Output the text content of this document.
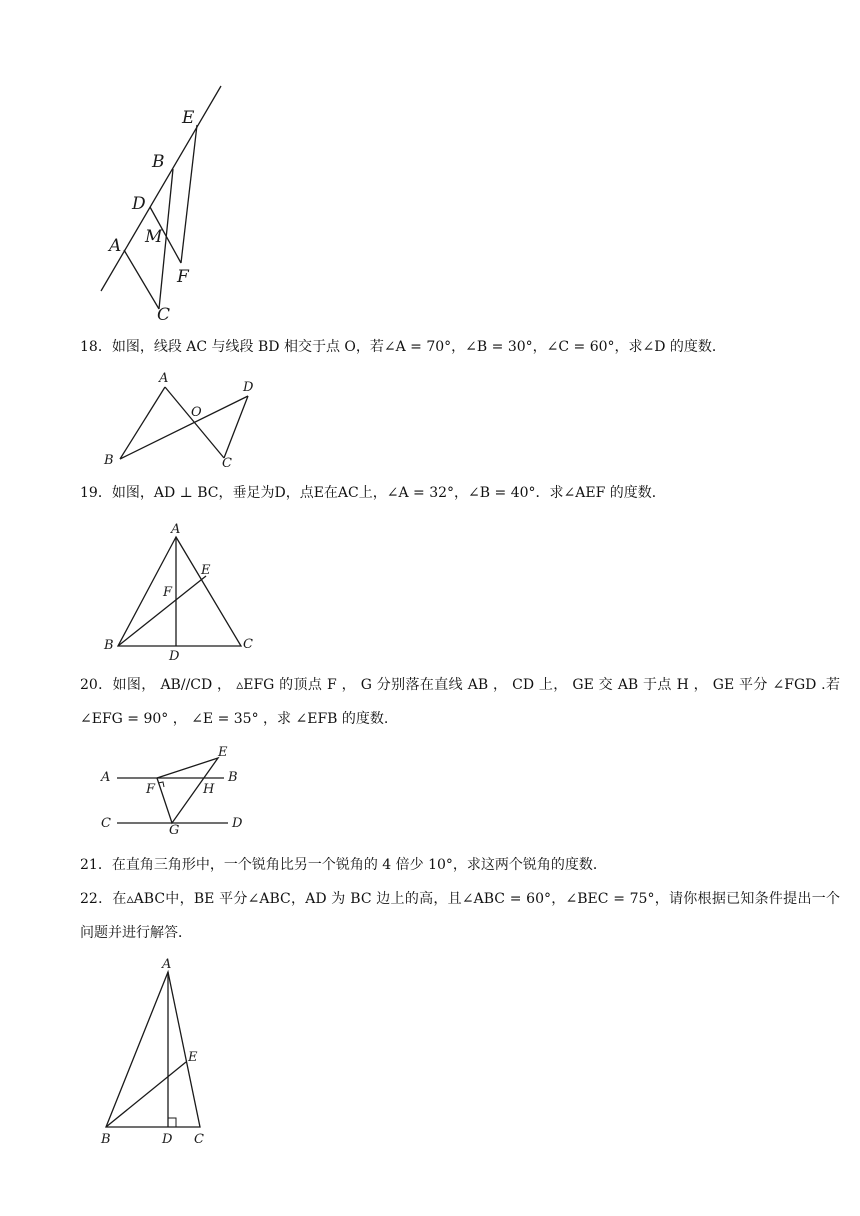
E
B
D
M
A
F
C
18．如图，线段 AC 与线段 BD 相交于点 O，若∠A = 70°，∠B = 30°，∠C = 60°，求∠D 的度数．
A
D
O
B	C
19．如图，AD ⊥ BC，垂足为D，点E在AC上，∠A = 32°，∠B = 40°．求∠AEF 的度数．
A
E
F
B
D
C
20．如图， AB//CD ， ▵EFG 的顶点 F ， G 分别落在直线 AB ， CD 上， GE 交 AB 于点 H ， GE 平分 ∠FGD .若 ∠EFG = 90° ， ∠E = 35° ，求 ∠EFB 的度数.
A	B
E
F	H
C	G	D
21．在直角三角形中，一个锐角比另一个锐角的 4 倍少 10°，求这两个锐角的度数．
22．在▵ABC中，BE 平分∠ABC，AD 为 BC 边上的高，且∠ABC = 60°，∠BEC = 75°，请你根据已知条件提出一个问题并进行解答．
A
E
B	D C
